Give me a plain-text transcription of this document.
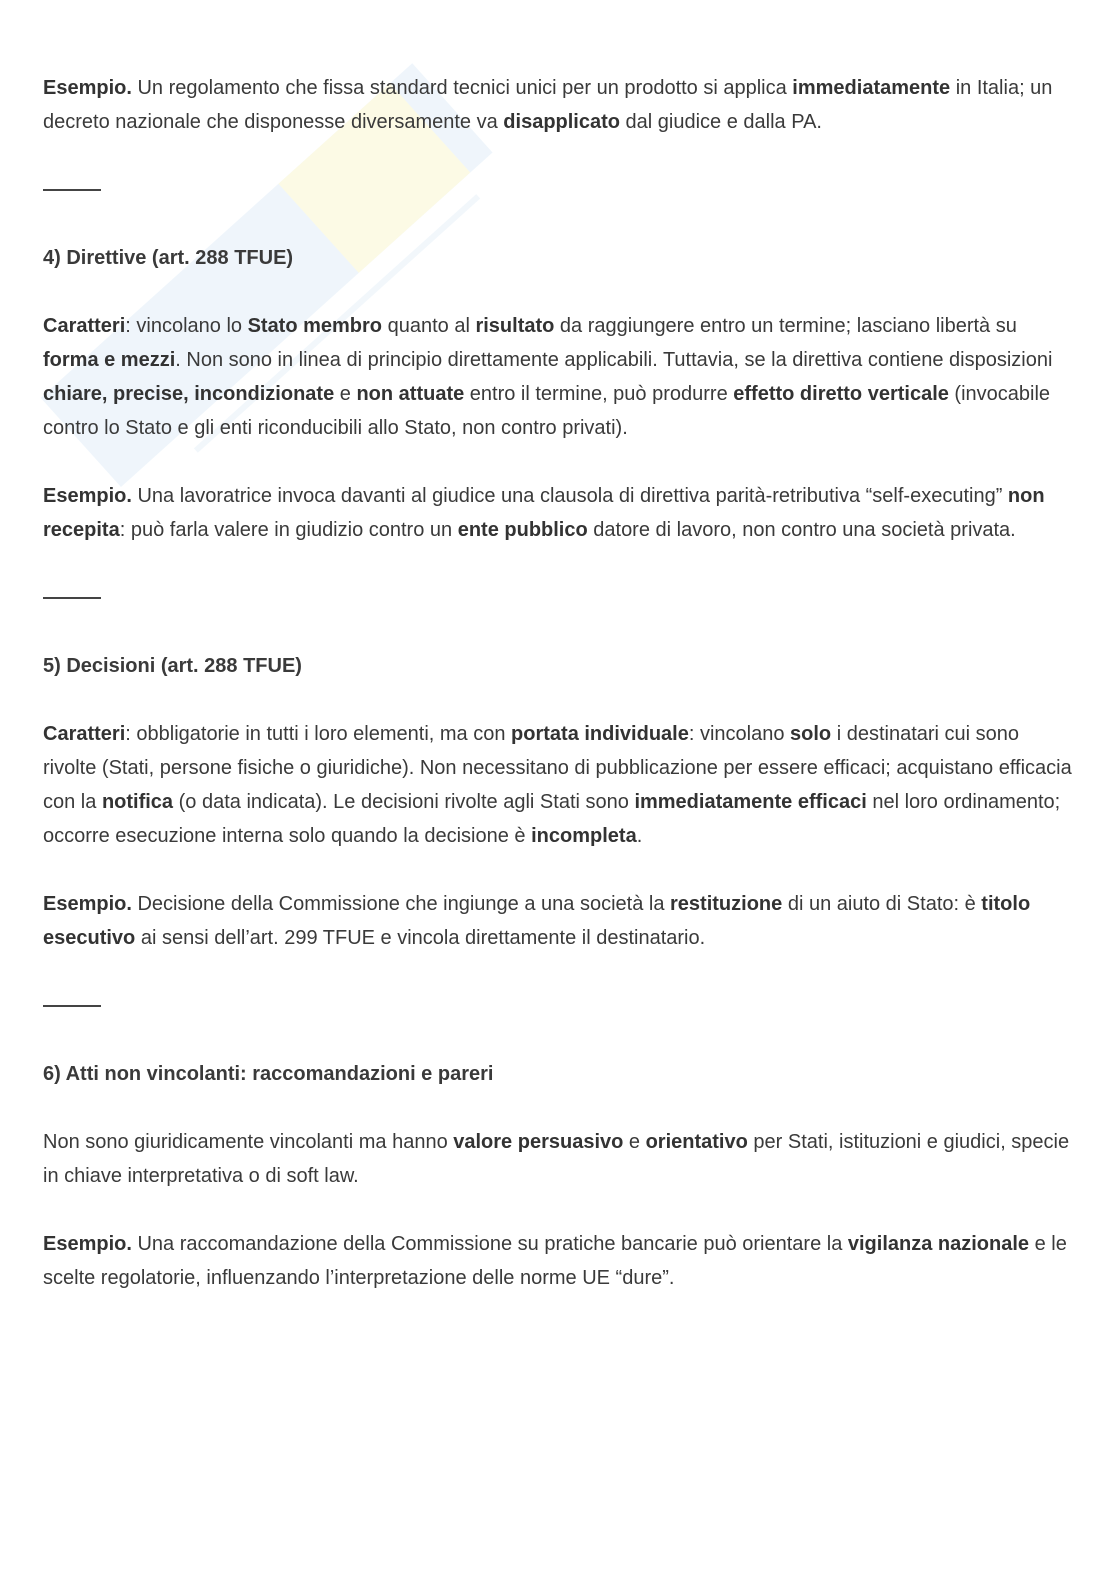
Esempio. Un regolamento che fissa standard tecnici unici per un prodotto si applica immediatamente in Italia; un decreto nazionale che disponesse diversamente va disapplicato dal giudice e dalla PA.

4) Direttive (art. 288 TFUE)

Caratteri: vincolano lo Stato membro quanto al risultato da raggiungere entro un termine; lasciano libertà su forma e mezzi. Non sono in linea di principio direttamente applicabili. Tuttavia, se la direttiva contiene disposizioni chiare, precise, incondizionate e non attuate entro il termine, può produrre effetto diretto verticale (invocabile contro lo Stato e gli enti riconducibili allo Stato, non contro privati).

Esempio. Una lavoratrice invoca davanti al giudice una clausola di direttiva parità-retributiva “self-executing” non recepita: può farla valere in giudizio contro un ente pubblico datore di lavoro, non contro una società privata.

5) Decisioni (art. 288 TFUE)

Caratteri: obbligatorie in tutti i loro elementi, ma con portata individuale: vincolano solo i destinatari cui sono rivolte (Stati, persone fisiche o giuridiche). Non necessitano di pubblicazione per essere efficaci; acquistano efficacia con la notifica (o data indicata). Le decisioni rivolte agli Stati sono immediatamente efficaci nel loro ordinamento; occorre esecuzione interna solo quando la decisione è incompleta.

Esempio. Decisione della Commissione che ingiunge a una società la restituzione di un aiuto di Stato: è titolo esecutivo ai sensi dell’art. 299 TFUE e vincola direttamente il destinatario.

6) Atti non vincolanti: raccomandazioni e pareri

Non sono giuridicamente vincolanti ma hanno valore persuasivo e orientativo per Stati, istituzioni e giudici, specie in chiave interpretativa o di soft law.

Esempio. Una raccomandazione della Commissione su pratiche bancarie può orientare la vigilanza nazionale e le scelte regolatorie, influenzando l’interpretazione delle norme UE “dure”.
